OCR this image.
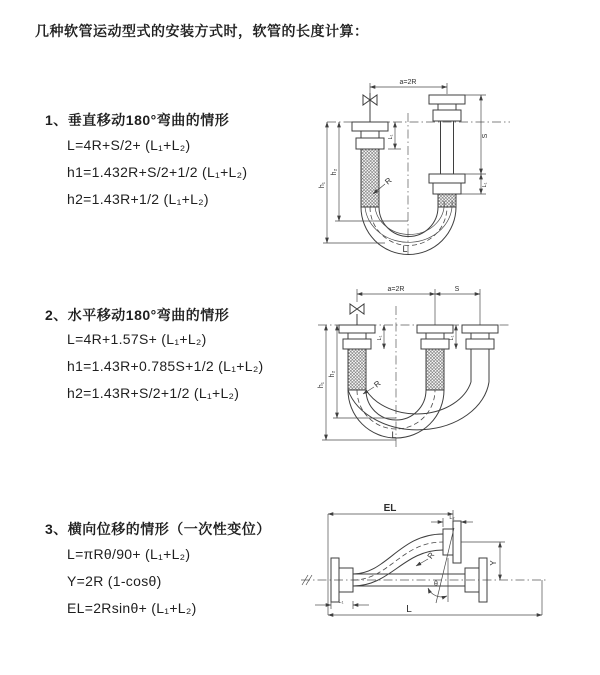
几种软管运动型式的安装方式时，软管的长度计算：
1、垂直移动180°弯曲的情形
L=4R+S/2+ (L₁+L₂)
h1=1.432R+S/2+1/2 (L₁+L₂)
h2=1.43R+1/2 (L₁+L₂)
a=2R
h₁
h₂
L₁	S
L₁
R
L
2、水平移动180°弯曲的情形
L=4R+1.57S+ (L₁+L₂)
h1=1.43R+0.785S+1/2 (L₁+L₂)
h2=1.43R+S/2+1/2 (L₁+L₂)
a=2R	S
h₁
h₂
L₁	L₁
R
L
3、横向位移的情形（一次性变位）
L=πRθ/90+ (L₁+L₂)
Y=2R (1-cosθ)
EL=2Rsinθ+ (L₁+L₂)
EL
L₂
Y
L
L₁
R
θ
